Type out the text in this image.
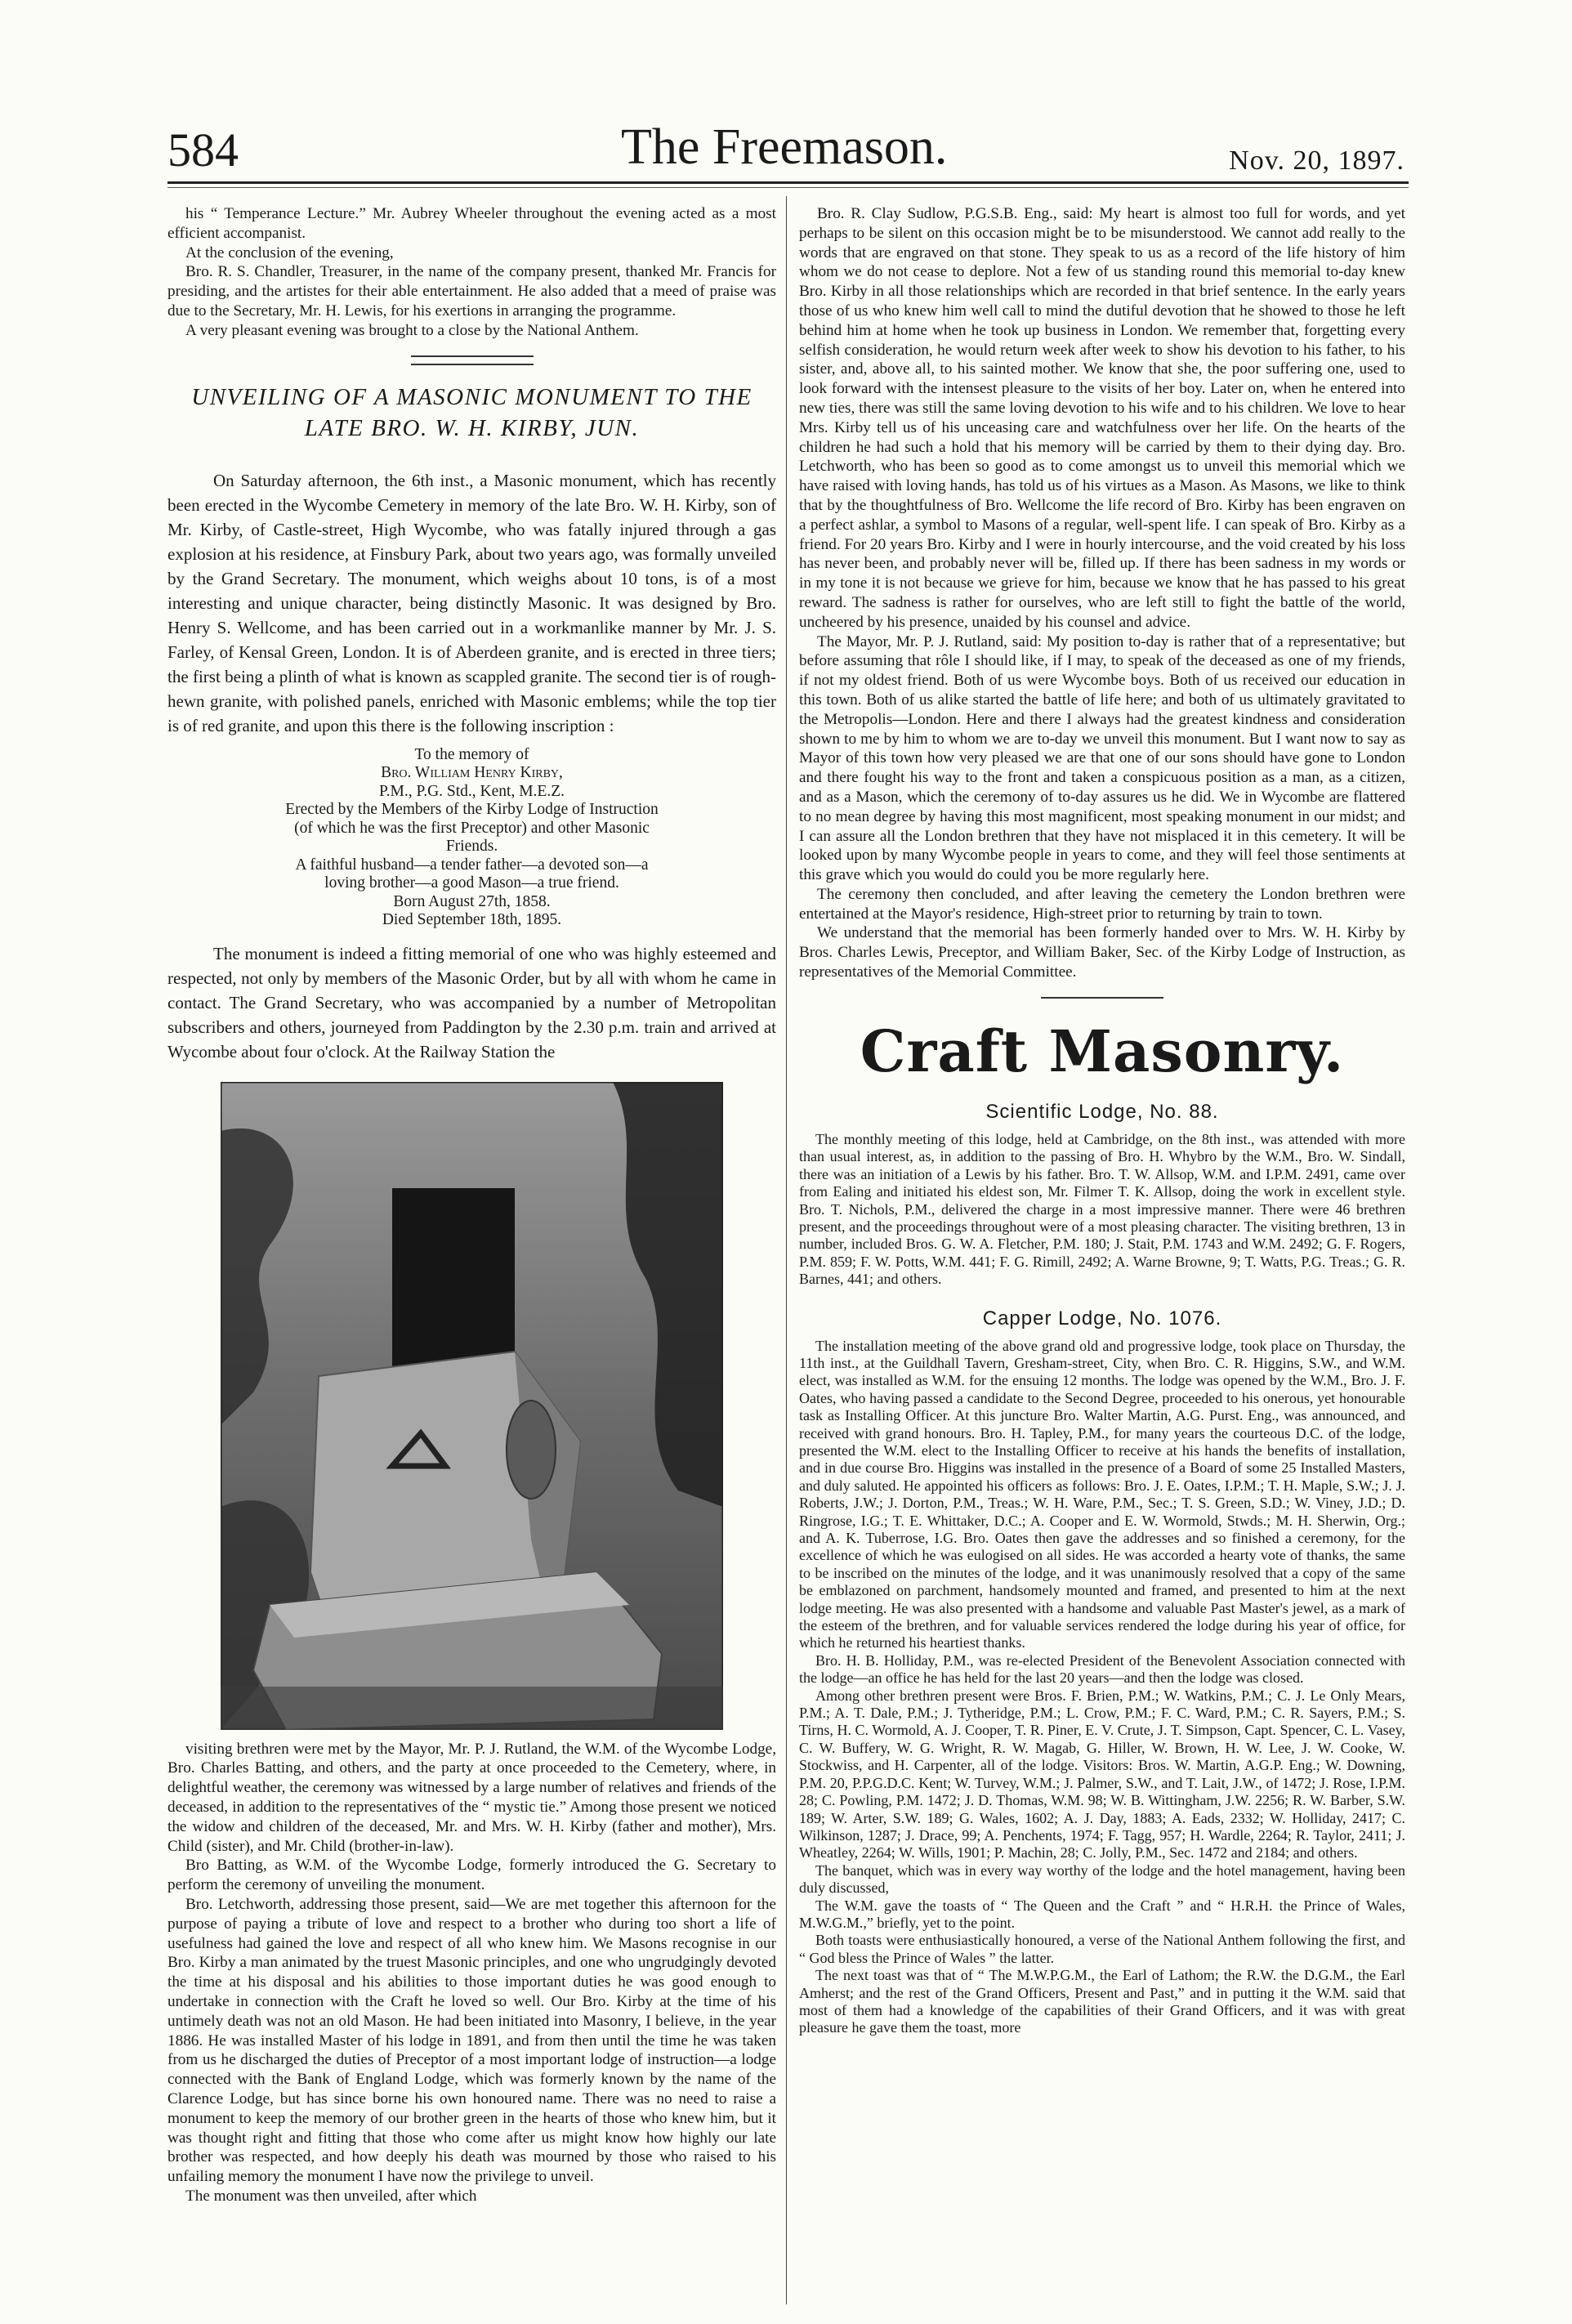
584	The Freemason.	Nov. 20, 1897.

his “ Temperance Lecture.” Mr. Aubrey Wheeler throughout the evening acted as a most efficient accompanist.

At the conclusion of the evening,

Bro. R. S. Chandler, Treasurer, in the name of the company present, thanked Mr. Francis for presiding, and the artistes for their able entertainment. He also added that a meed of praise was due to the Secretary, Mr. H. Lewis, for his exertions in arranging the programme.

A very pleasant evening was brought to a close by the National Anthem.

UNVEILING OF A MASONIC MONUMENT TO THE LATE BRO. W. H. KIRBY, JUN.

On Saturday afternoon, the 6th inst., a Masonic monument, which has recently been erected in the Wycombe Cemetery in memory of the late Bro. W. H. Kirby, son of Mr. Kirby, of Castle-street, High Wycombe, who was fatally injured through a gas explosion at his residence, at Finsbury Park, about two years ago, was formally unveiled by the Grand Secretary. The monument, which weighs about 10 tons, is of a most interesting and unique character, being distinctly Masonic. It was designed by Bro. Henry S. Wellcome, and has been carried out in a workmanlike manner by Mr. J. S. Farley, of Kensal Green, London. It is of Aberdeen granite, and is erected in three tiers; the first being a plinth of what is known as scappled granite. The second tier is of rough-hewn granite, with polished panels, enriched with Masonic emblems; while the top tier is of red granite, and upon this there is the following inscription :

To the memory of
Bro. William Henry Kirby,
P.M., P.G. Std., Kent, M.E.Z.
Erected by the Members of the Kirby Lodge of Instruction
(of which he was the first Preceptor) and other Masonic
Friends.
A faithful husband—a tender father—a devoted son—a
loving brother—a good Mason—a true friend.
Born August 27th, 1858.
Died September 18th, 1895.

The monument is indeed a fitting memorial of one who was highly esteemed and respected, not only by members of the Masonic Order, but by all with whom he came in contact. The Grand Secretary, who was accompanied by a number of Metropolitan subscribers and others, journeyed from Paddington by the 2.30 p.m. train and arrived at Wycombe about four o'clock. At the Railway Station the

visiting brethren were met by the Mayor, Mr. P. J. Rutland, the W.M. of the Wycombe Lodge, Bro. Charles Batting, and others, and the party at once proceeded to the Cemetery, where, in delightful weather, the ceremony was witnessed by a large number of relatives and friends of the deceased, in addition to the representatives of the “ mystic tie.” Among those present we noticed the widow and children of the deceased, Mr. and Mrs. W. H. Kirby (father and mother), Mrs. Child (sister), and Mr. Child (brother-in-law).

Bro Batting, as W.M. of the Wycombe Lodge, formerly introduced the G. Secretary to perform the ceremony of unveiling the monument.

Bro. Letchworth, addressing those present, said—We are met together this afternoon for the purpose of paying a tribute of love and respect to a brother who during too short a life of usefulness had gained the love and respect of all who knew him. We Masons recognise in our Bro. Kirby a man animated by the truest Masonic principles, and one who ungrudgingly devoted the time at his disposal and his abilities to those important duties he was good enough to undertake in connection with the Craft he loved so well. Our Bro. Kirby at the time of his untimely death was not an old Mason. He had been initiated into Masonry, I believe, in the year 1886. He was installed Master of his lodge in 1891, and from then until the time he was taken from us he discharged the duties of Preceptor of a most important lodge of instruction—a lodge connected with the Bank of England Lodge, which was formerly known by the name of the Clarence Lodge, but has since borne his own honoured name. There was no need to raise a monument to keep the memory of our brother green in the hearts of those who knew him, but it was thought right and fitting that those who come after us might know how highly our late brother was respected, and how deeply his death was mourned by those who raised to his unfailing memory the monument I have now the privilege to unveil.

The monument was then unveiled, after which

Bro. R. Clay Sudlow, P.G.S.B. Eng., said: My heart is almost too full for words, and yet perhaps to be silent on this occasion might be to be misunderstood. We cannot add really to the words that are engraved on that stone. They speak to us as a record of the life history of him whom we do not cease to deplore. Not a few of us standing round this memorial to-day knew Bro. Kirby in all those relationships which are recorded in that brief sentence. In the early years those of us who knew him well call to mind the dutiful devotion that he showed to those he left behind him at home when he took up business in London. We remember that, forgetting every selfish consideration, he would return week after week to show his devotion to his father, to his sister, and, above all, to his sainted mother. We know that she, the poor suffering one, used to look forward with the intensest pleasure to the visits of her boy. Later on, when he entered into new ties, there was still the same loving devotion to his wife and to his children. We love to hear Mrs. Kirby tell us of his unceasing care and watchfulness over her life. On the hearts of the children he had such a hold that his memory will be carried by them to their dying day. Bro. Letchworth, who has been so good as to come amongst us to unveil this memorial which we have raised with loving hands, has told us of his virtues as a Mason. As Masons, we like to think that by the thoughtfulness of Bro. Wellcome the life record of Bro. Kirby has been engraven on a perfect ashlar, a symbol to Masons of a regular, well-spent life. I can speak of Bro. Kirby as a friend. For 20 years Bro. Kirby and I were in hourly intercourse, and the void created by his loss has never been, and probably never will be, filled up. If there has been sadness in my words or in my tone it is not because we grieve for him, because we know that he has passed to his great reward. The sadness is rather for ourselves, who are left still to fight the battle of the world, uncheered by his presence, unaided by his counsel and advice.

The Mayor, Mr. P. J. Rutland, said: My position to-day is rather that of a representative; but before assuming that rôle I should like, if I may, to speak of the deceased as one of my friends, if not my oldest friend. Both of us were Wycombe boys. Both of us received our education in this town. Both of us alike started the battle of life here; and both of us ultimately gravitated to the Metropolis—London. Here and there I always had the greatest kindness and consideration shown to me by him to whom we are to-day we unveil this monument. But I want now to say as Mayor of this town how very pleased we are that one of our sons should have gone to London and there fought his way to the front and taken a conspicuous position as a man, as a citizen, and as a Mason, which the ceremony of to-day assures us he did. We in Wycombe are flattered to no mean degree by having this most magnificent, most speaking monument in our midst; and I can assure all the London brethren that they have not misplaced it in this cemetery. It will be looked upon by many Wycombe people in years to come, and they will feel those sentiments at this grave which you would do could you be more regularly here.

The ceremony then concluded, and after leaving the cemetery the London brethren were entertained at the Mayor's residence, High-street prior to returning by train to town.

We understand that the memorial has been formerly handed over to Mrs. W. H. Kirby by Bros. Charles Lewis, Preceptor, and William Baker, Sec. of the Kirby Lodge of Instruction, as representatives of the Memorial Committee.

Craft Masonry.
Scientific Lodge, No. 88.

The monthly meeting of this lodge, held at Cambridge, on the 8th inst., was attended with more than usual interest, as, in addition to the passing of Bro. H. Whybro by the W.M., Bro. W. Sindall, there was an initiation of a Lewis by his father. Bro. T. W. Allsop, W.M. and I.P.M. 2491, came over from Ealing and initiated his eldest son, Mr. Filmer T. K. Allsop, doing the work in excellent style. Bro. T. Nichols, P.M., delivered the charge in a most impressive manner. There were 46 brethren present, and the proceedings throughout were of a most pleasing character. The visiting brethren, 13 in number, included Bros. G. W. A. Fletcher, P.M. 180; J. Stait, P.M. 1743 and W.M. 2492; G. F. Rogers, P.M. 859; F. W. Potts, W.M. 441; F. G. Rimill, 2492; A. Warne Browne, 9; T. Watts, P.G. Treas.; G. R. Barnes, 441; and others.

Capper Lodge, No. 1076.

The installation meeting of the above grand old and progressive lodge, took place on Thursday, the 11th inst., at the Guildhall Tavern, Gresham-street, City, when Bro. C. R. Higgins, S.W., and W.M. elect, was installed as W.M. for the ensuing 12 months. The lodge was opened by the W.M., Bro. J. F. Oates, who having passed a candidate to the Second Degree, proceeded to his onerous, yet honourable task as Installing Officer. At this juncture Bro. Walter Martin, A.G. Purst. Eng., was announced, and received with grand honours. Bro. H. Tapley, P.M., for many years the courteous D.C. of the lodge, presented the W.M. elect to the Installing Officer to receive at his hands the benefits of installation, and in due course Bro. Higgins was installed in the presence of a Board of some 25 Installed Masters, and duly saluted. He appointed his officers as follows: Bro. J. E. Oates, I.P.M.; T. H. Maple, S.W.; J. J. Roberts, J.W.; J. Dorton, P.M., Treas.; W. H. Ware, P.M., Sec.; T. S. Green, S.D.; W. Viney, J.D.; D. Ringrose, I.G.; T. E. Whittaker, D.C.; A. Cooper and E. W. Wormold, Stwds.; M. H. Sherwin, Org.; and A. K. Tuberrose, I.G. Bro. Oates then gave the addresses and so finished a ceremony, for the excellence of which he was eulogised on all sides. He was accorded a hearty vote of thanks, the same to be inscribed on the minutes of the lodge, and it was unanimously resolved that a copy of the same be emblazoned on parchment, handsomely mounted and framed, and presented to him at the next lodge meeting. He was also presented with a handsome and valuable Past Master's jewel, as a mark of the esteem of the brethren, and for valuable services rendered the lodge during his year of office, for which he returned his heartiest thanks.

Bro. H. B. Holliday, P.M., was re-elected President of the Benevolent Association connected with the lodge—an office he has held for the last 20 years—and then the lodge was closed.

Among other brethren present were Bros. F. Brien, P.M.; W. Watkins, P.M.; C. J. Le Only Mears, P.M.; A. T. Dale, P.M.; J. Tytheridge, P.M.; L. Crow, P.M.; F. C. Ward, P.M.; C. R. Sayers, P.M.; S. Tirns, H. C. Wormold, A. J. Cooper, T. R. Piner, E. V. Crute, J. T. Simpson, Capt. Spencer, C. L. Vasey, C. W. Buffery, W. G. Wright, R. W. Magab, G. Hiller, W. Brown, H. W. Lee, J. W. Cooke, W. Stockwiss, and H. Carpenter, all of the lodge. Visitors: Bros. W. Martin, A.G.P. Eng.; W. Downing, P.M. 20, P.P.G.D.C. Kent; W. Turvey, W.M.; J. Palmer, S.W., and T. Lait, J.W., of 1472; J. Rose, I.P.M. 28; C. Powling, P.M. 1472; J. D. Thomas, W.M. 98; W. B. Wittingham, J.W. 2256; R. W. Barber, S.W. 189; W. Arter, S.W. 189; G. Wales, 1602; A. J. Day, 1883; A. Eads, 2332; W. Holliday, 2417; C. Wilkinson, 1287; J. Drace, 99; A. Penchents, 1974; F. Tagg, 957; H. Wardle, 2264; R. Taylor, 2411; J. Wheatley, 2264; W. Wills, 1901; P. Machin, 28; C. Jolly, P.M., Sec. 1472 and 2184; and others.

The banquet, which was in every way worthy of the lodge and the hotel management, having been duly discussed,

The W.M. gave the toasts of “ The Queen and the Craft ” and “ H.R.H. the Prince of Wales, M.W.G.M.,” briefly, yet to the point.

Both toasts were enthusiastically honoured, a verse of the National Anthem following the first, and “ God bless the Prince of Wales ” the latter.

The next toast was that of “ The M.W.P.G.M., the Earl of Lathom; the R.W. the D.G.M., the Earl Amherst; and the rest of the Grand Officers, Present and Past,” and in putting it the W.M. said that most of them had a knowledge of the capabilities of their Grand Officers, and it was with great pleasure he gave them the toast, more
